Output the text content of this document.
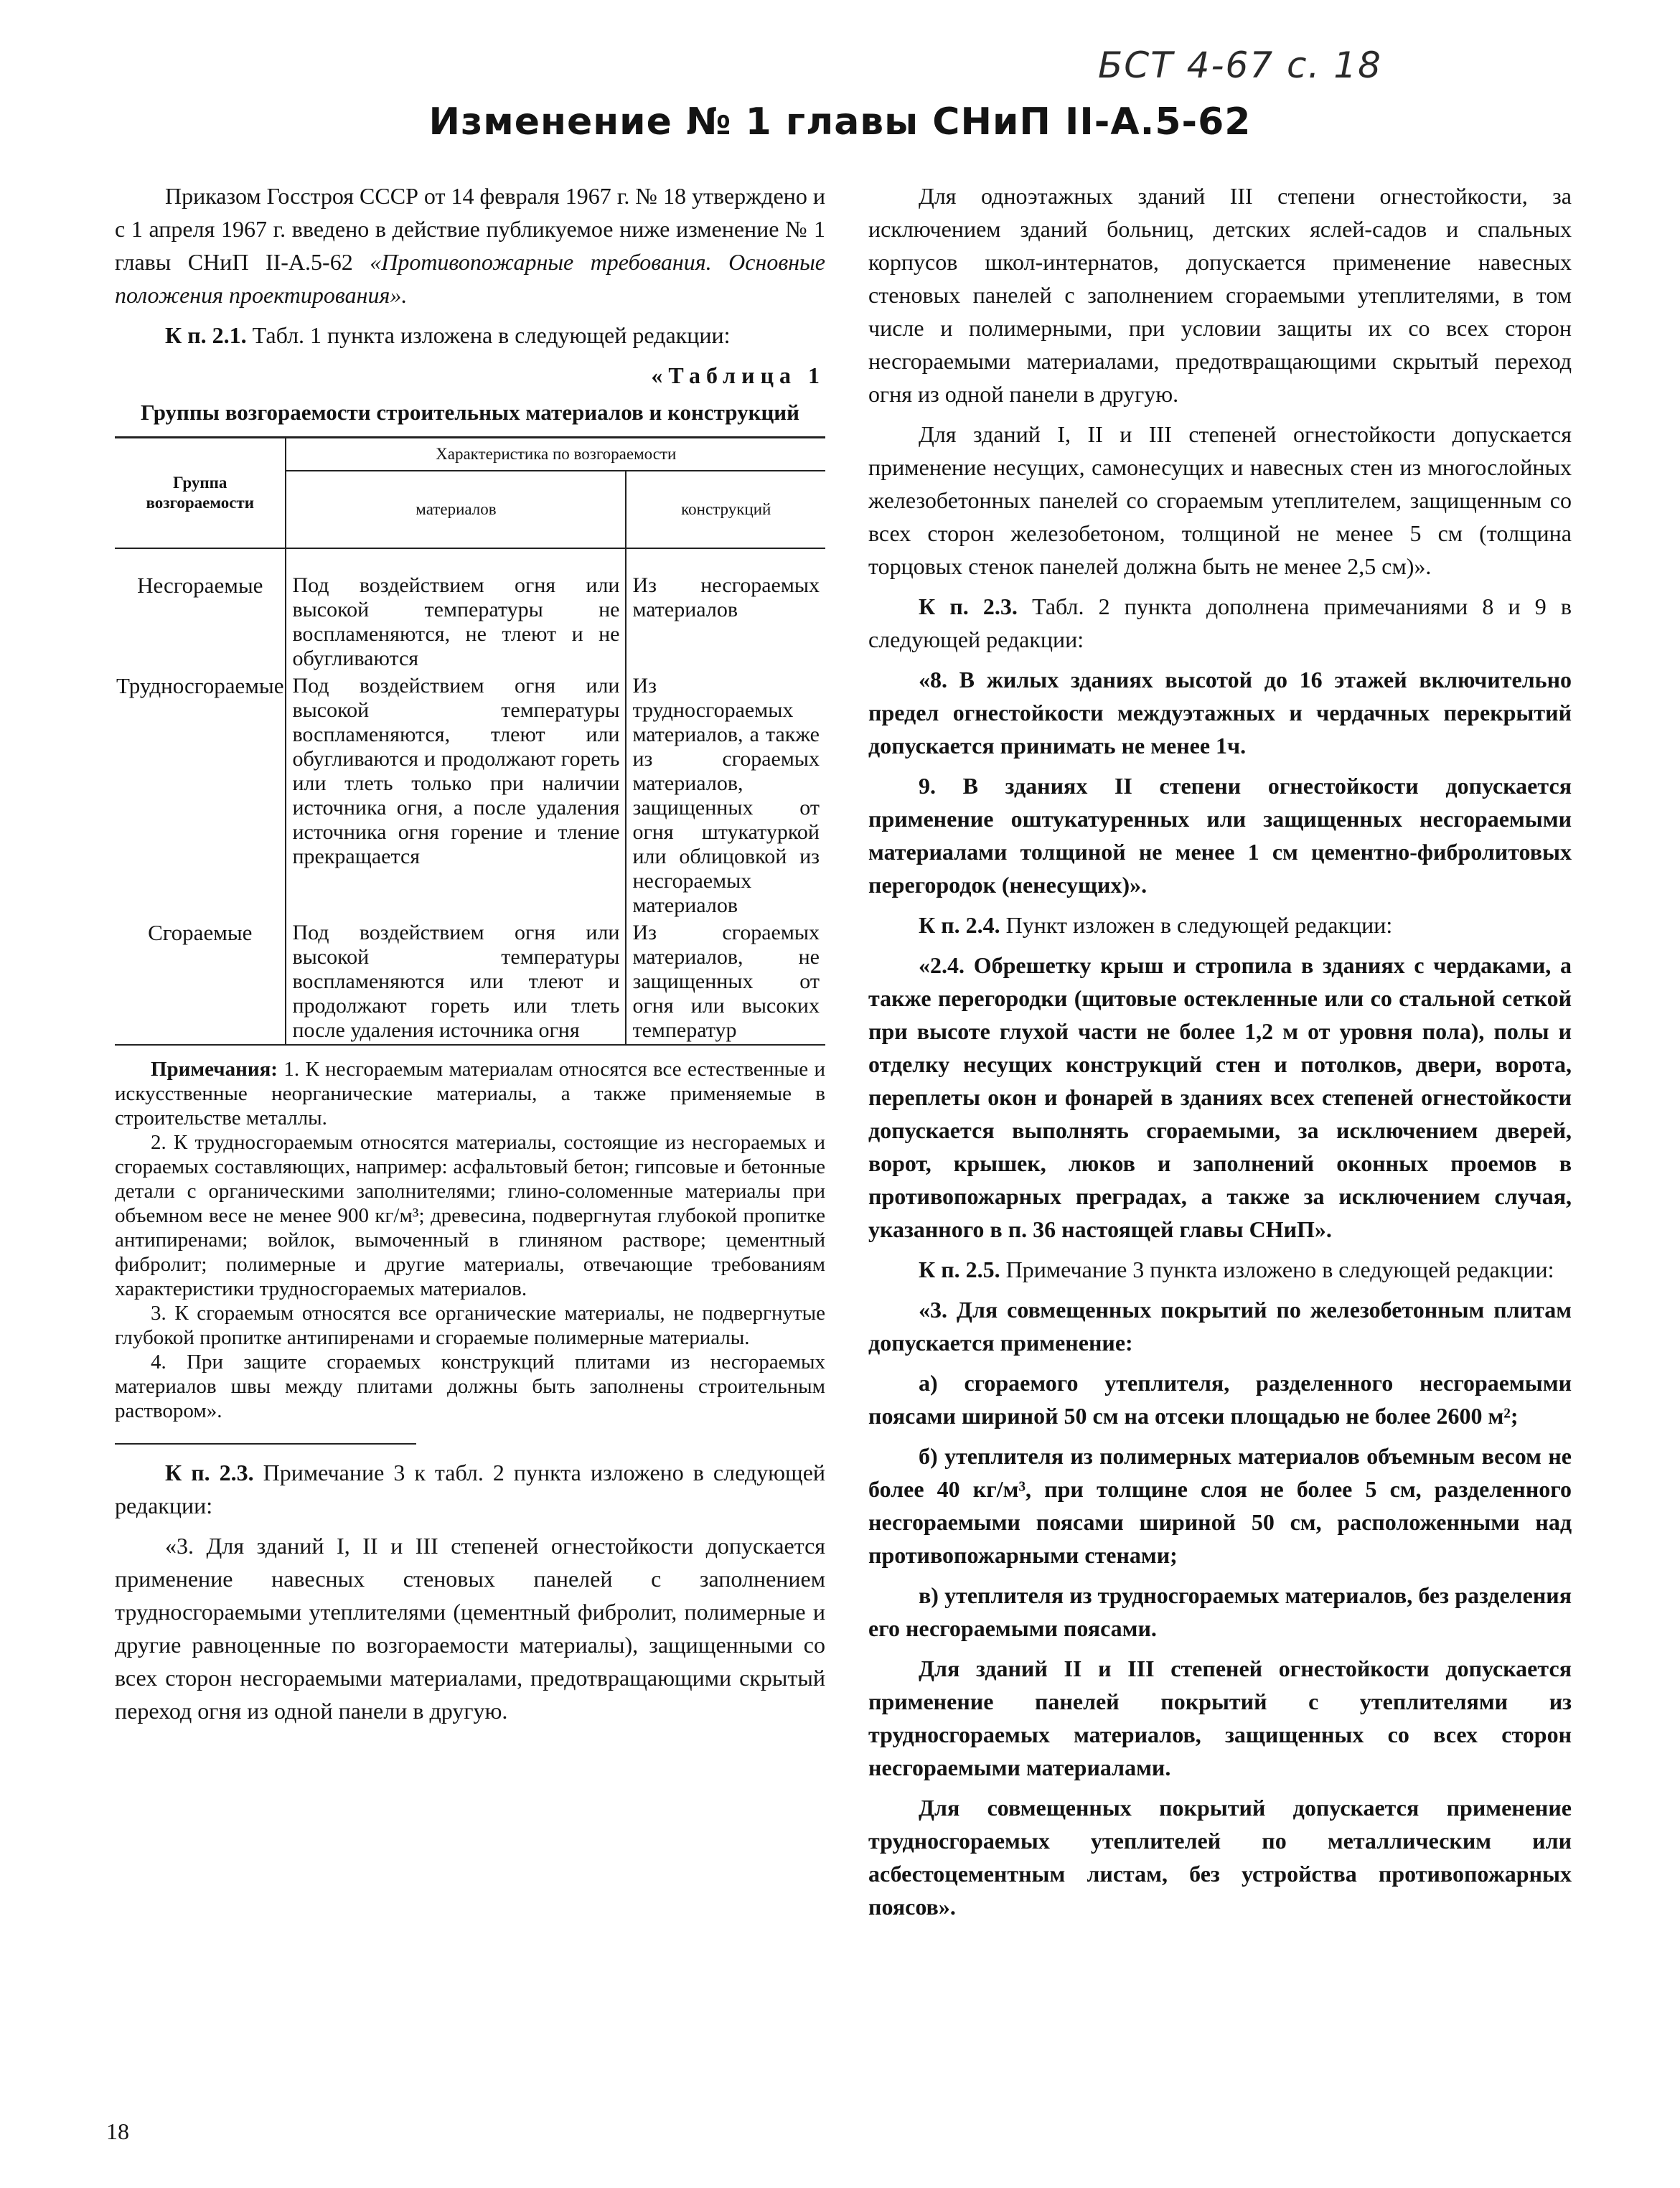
БСТ 4-67 с. 18
Изменение № 1 главы СНиП II-А.5-62

Приказом Госстроя СССР от 14 февраля 1967 г. № 18 утверждено и с 1 апреля 1967 г. введено в действие публикуемое ниже изменение № 1 главы СНиП II-А.5-62 «Противопожарные требования. Основные положения проектирования».

К п. 2.1. Табл. 1 пункта изложена в следующей редакции:

«Таблица 1

Группы возгораемости строительных материалов и конструкций
Группа возгораемости	Характеристика по возгораемости	
	материалов	конструкций
Несгораемые	Под воздействием огня или высокой температуры не воспламеняются, не тлеют и не обугливаются	Из несгораемых материалов
Трудносгораемые	Под воздействием огня или высокой температуры воспламеняются, тлеют или обугливаются и продолжают гореть или тлеть только при наличии источника огня, а после удаления источника огня горение и тление прекращается	Из трудносгораемых материалов, а также из сгораемых материалов, защищенных от огня штукатуркой или облицовкой из несгораемых материалов
Сгораемые	Под воздействием огня или высокой температуры воспламеняются или тлеют и продолжают гореть или тлеть после удаления источника огня	Из сгораемых материалов, не защищенных от огня или высоких температур

Примечания: 1. К несгораемым материалам относятся все естественные и искусственные неорганические материалы, а также применяемые в строительстве металлы.

2. К трудносгораемым относятся материалы, состоящие из несгораемых и сгораемых составляющих, например: асфальтовый бетон; гипсовые и бетонные детали с органическими заполнителями; глино-соломенные материалы при объемном весе не менее 900 кг/м³; древесина, подвергнутая глубокой пропитке антипиренами; войлок, вымоченный в глиняном растворе; цементный фибролит; полимерные и другие материалы, отвечающие требованиям характеристики трудносгораемых материалов.

3. К сгораемым относятся все органические материалы, не подвергнутые глубокой пропитке антипиренами и сгораемые полимерные материалы.

4. При защите сгораемых конструкций плитами из несгораемых материалов швы между плитами должны быть заполнены строительным раствором».

К п. 2.3. Примечание 3 к табл. 2 пункта изложено в следующей редакции:

«3. Для зданий I, II и III степеней огнестойкости допускается применение навесных стеновых панелей с заполнением трудносгораемыми утеплителями (цементный фибролит, полимерные и другие равноценные по возгораемости материалы), защищенными со всех сторон несгораемыми материалами, предотвращающими скрытый переход огня из одной панели в другую.

Для одноэтажных зданий III степени огнестойкости, за исключением зданий больниц, детских яслей-садов и спальных корпусов школ-интернатов, допускается применение навесных стеновых панелей с заполнением сгораемыми утеплителями, в том числе и полимерными, при условии защиты их со всех сторон несгораемыми материалами, предотвращающими скрытый переход огня из одной панели в другую.

Для зданий I, II и III степеней огнестойкости допускается применение несущих, самонесущих и навесных стен из многослойных железобетонных панелей со сгораемым утеплителем, защищенным со всех сторон железобетоном, толщиной не менее 5 см (толщина торцовых стенок панелей должна быть не менее 2,5 см)».

К п. 2.3. Табл. 2 пункта дополнена примечаниями 8 и 9 в следующей редакции:

«8. В жилых зданиях высотой до 16 этажей включительно предел огнестойкости междуэтажных и чердачных перекрытий допускается принимать не менее 1ч.

9. В зданиях II степени огнестойкости допускается применение оштукатуренных или защищенных несгораемыми материалами толщиной не менее 1 см цементно-фибролитовых перегородок (ненесущих)».

К п. 2.4. Пункт изложен в следующей редакции:

«2.4. Обрешетку крыш и стропила в зданиях с чердаками, а также перегородки (щитовые остекленные или со стальной сеткой при высоте глухой части не более 1,2 м от уровня пола), полы и отделку несущих конструкций стен и потолков, двери, ворота, переплеты окон и фонарей в зданиях всех степеней огнестойкости допускается выполнять сгораемыми, за исключением дверей, ворот, крышек, люков и заполнений оконных проемов в противопожарных преградах, а также за исключением случая, указанного в п. 36 настоящей главы СНиП».

К п. 2.5. Примечание 3 пункта изложено в следующей редакции:

«3. Для совмещенных покрытий по железобетонным плитам допускается применение:

а) сгораемого утеплителя, разделенного несгораемыми поясами шириной 50 см на отсеки площадью не более 2600 м²;

б) утеплителя из полимерных материалов объемным весом не более 40 кг/м³, при толщине слоя не более 5 см, разделенного несгораемыми поясами шириной 50 см, расположенными над противопожарными стенами;

в) утеплителя из трудносгораемых материалов, без разделения его несгораемыми поясами.

Для зданий II и III степеней огнестойкости допускается применение панелей покрытий с утеплителями из трудносгораемых материалов, защищенных со всех сторон несгораемыми материалами.

Для совмещенных покрытий допускается применение трудносгораемых утеплителей по металлическим или асбестоцементным листам, без устройства противопожарных поясов».

18
